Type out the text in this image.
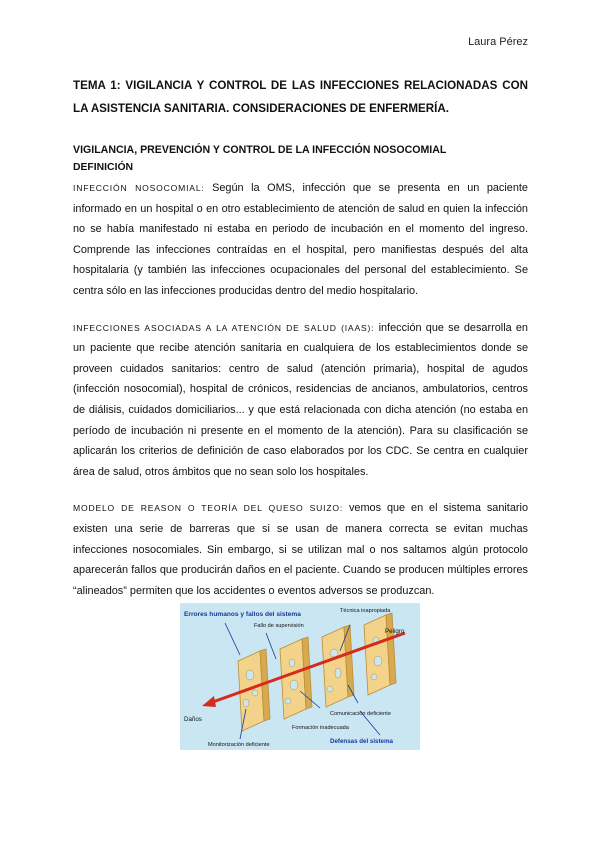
Laura Pérez

TEMA 1: VIGILANCIA Y CONTROL DE LAS INFECCIONES RELACIONADAS CON LA ASISTENCIA SANITARIA. CONSIDERACIONES DE ENFERMERÍA.

VIGILANCIA, PREVENCIÓN Y CONTROL DE LA INFECCIÓN NOSOCOMIAL

DEFINICIÓN

INFECCIÓN NOSOCOMIAL: Según la OMS, infección que se presenta en un paciente informado en un hospital o en otro establecimiento de atención de salud en quien la infección no se había manifestado ni estaba en periodo de incubación en el momento del ingreso. Comprende las infecciones contraídas en el hospital, pero manifiestas después del alta hospitalaria (y también las infecciones ocupacionales del personal del establecimiento. Se centra sólo en las infecciones producidas dentro del medio hospitalario.

INFECCIONES ASOCIADAS A LA ATENCIÓN DE SALUD (IAAS): infección que se desarrolla en un paciente que recibe atención sanitaria en cualquiera de los establecimientos donde se proveen cuidados sanitarios: centro de salud (atención primaria), hospital de agudos (infección nosocomial), hospital de crónicos, residencias de ancianos, ambulatorios, centros de diálisis, cuidados domiciliarios... y que está relacionada con dicha atención (no estaba en período de incubación ni presente en el momento de la atención). Para su clasificación se aplicarán los criterios de definición de caso elaborados por los CDC. Se centra en cualquier área de salud, otros ámbitos que no sean solo los hospitales.

MODELO DE REASON O TEORÍA DEL QUESO SUIZO: vemos que en el sistema sanitario existen una serie de barreras que si se usan de manera correcta se evitan muchas infecciones nosocomiales. Sin embargo, si se utilizan mal o nos saltamos algún protocolo aparecerán fallos que producirán daños en el paciente. Cuando se producen múltiples errores “alineados” permiten que los accidentes o eventos adversos se produzcan.

Errores humanos y fallos del sistema
Fallo de supervisión
Técnica inapropiada
Peligro
Daños
Comunicación deficiente
Formación inadecuada
Monitorización deficiente	Defensas del sistema
